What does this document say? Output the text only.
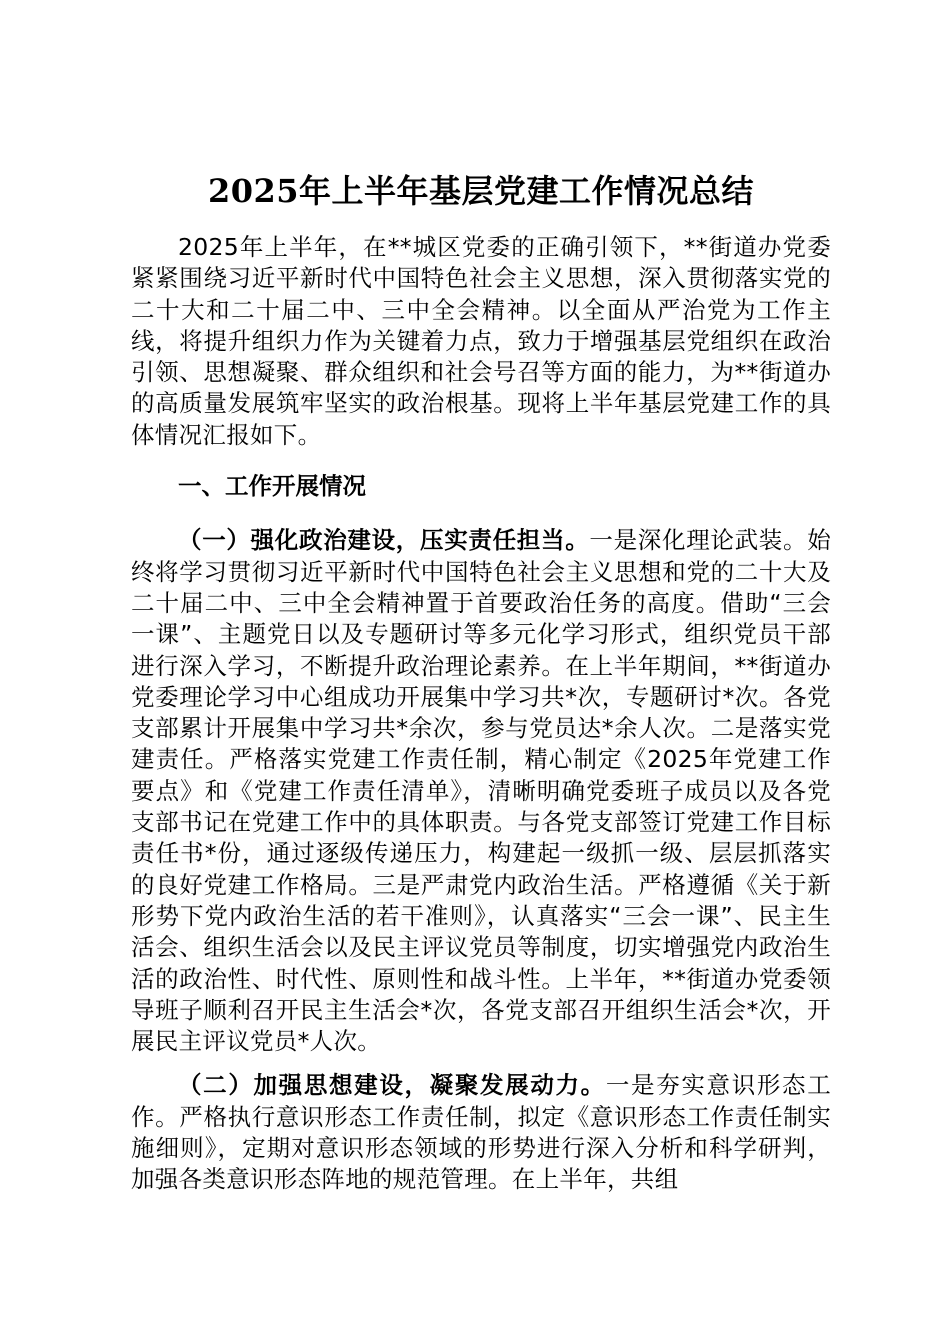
2025年上半年基层党建工作情况总结

2025年上半年，在**城区党委的正确引领下，**街道办党委紧紧围绕习近平新时代中国特色社会主义思想，深入贯彻落实党的二十大和二十届二中、三中全会精神。以全面从严治党为工作主线，将提升组织力作为关键着力点，致力于增强基层党组织在政治引领、思想凝聚、群众组织和社会号召等方面的能力，为**街道办的高质量发展筑牢坚实的政治根基。现将上半年基层党建工作的具体情况汇报如下。

一、工作开展情况

（一）强化政治建设，压实责任担当。一是深化理论武装。始终将学习贯彻习近平新时代中国特色社会主义思想和党的二十大及二十届二中、三中全会精神置于首要政治任务的高度。借助“三会一课”、主题党日以及专题研讨等多元化学习形式，组织党员干部进行深入学习，不断提升政治理论素养。在上半年期间，**街道办党委理论学习中心组成功开展集中学习共*次，专题研讨*次。各党支部累计开展集中学习共*余次，参与党员达*余人次。二是落实党建责任。严格落实党建工作责任制，精心制定《2025年党建工作要点》和《党建工作责任清单》，清晰明确党委班子成员以及各党支部书记在党建工作中的具体职责。与各党支部签订党建工作目标责任书*份，通过逐级传递压力，构建起一级抓一级、层层抓落实的良好党建工作格局。三是严肃党内政治生活。严格遵循《关于新形势下党内政治生活的若干准则》，认真落实“三会一课”、民主生活会、组织生活会以及民主评议党员等制度，切实增强党内政治生活的政治性、时代性、原则性和战斗性。上半年，**街道办党委领导班子顺利召开民主生活会*次，各党支部召开组织生活会*次，开展民主评议党员*人次。

（二）加强思想建设，凝聚发展动力。一是夯实意识形态工作。严格执行意识形态工作责任制，拟定《意识形态工作责任制实施细则》，定期对意识形态领域的形势进行深入分析和科学研判，加强各类意识形态阵地的规范管理。在上半年，共组
